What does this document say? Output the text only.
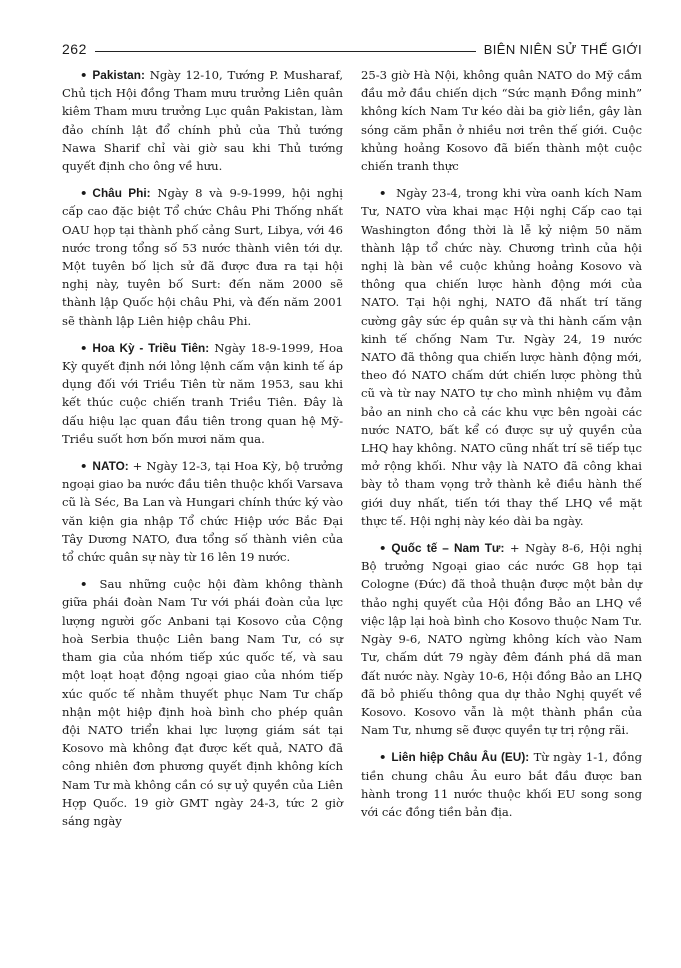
262	BIÊN NIÊN SỬ THẾ GIỚI

• Pakistan: Ngày 12-10, Tướng P. Musharaf, Chủ tịch Hội đồng Tham mưu trưởng Liên quân kiêm Tham mưu trưởng Lục quân Pakistan, làm đảo chính lật đổ chính phủ của Thủ tướng Nawa Sharif chỉ vài giờ sau khi Thủ tướng quyết định cho ông về hưu.

• Châu Phi: Ngày 8 và 9-9-1999, hội nghị cấp cao đặc biệt Tổ chức Châu Phi Thống nhất OAU họp tại thành phố cảng Surt, Libya, với 46 nước trong tổng số 53 nước thành viên tới dự. Một tuyên bố lịch sử đã được đưa ra tại hội nghị này, tuyên bố Surt: đến năm 2000 sẽ thành lập Quốc hội châu Phi, và đến năm 2001 sẽ thành lập Liên hiệp châu Phi.

• Hoa Kỳ - Triều Tiên: Ngày 18-9-1999, Hoa Kỳ quyết định nới lỏng lệnh cấm vận kinh tế áp dụng đối với Triều Tiên từ năm 1953, sau khi kết thúc cuộc chiến tranh Triều Tiên. Đây là dấu hiệu lạc quan đầu tiên trong quan hệ Mỹ-Triều suốt hơn bốn mươi năm qua.

• NATO: + Ngày 12-3, tại Hoa Kỳ, bộ trưởng ngoại giao ba nước đầu tiên thuộc khối Varsava cũ là Séc, Ba Lan và Hungari chính thức ký vào văn kiện gia nhập Tổ chức Hiệp ước Bắc Đại Tây Dương NATO, đưa tổng số thành viên của tổ chức quân sự này từ 16 lên 19 nước.

• Sau những cuộc hội đàm không thành giữa phái đoàn Nam Tư với phái đoàn của lực lượng người gốc Anbani tại Kosovo của Cộng hoà Serbia thuộc Liên bang Nam Tư, có sự tham gia của nhóm tiếp xúc quốc tế, và sau một loạt hoạt động ngoại giao của nhóm tiếp xúc quốc tế nhằm thuyết phục Nam Tư chấp nhận một hiệp định hoà bình cho phép quân đội NATO triển khai lực lượng giám sát tại Kosovo mà không đạt được kết quả, NATO đã công nhiên đơn phương quyết định không kích Nam Tư mà không cần có sự uỷ quyền của Liên Hợp Quốc. 19 giờ GMT ngày 24-3, tức 2 giờ sáng ngày

25-3 giờ Hà Nội, không quân NATO do Mỹ cầm đầu mở đầu chiến dịch “Sức mạnh Đồng minh” không kích Nam Tư kéo dài ba giờ liền, gây làn sóng căm phẫn ở nhiều nơi trên thế giới. Cuộc khủng hoảng Kosovo đã biến thành một cuộc chiến tranh thực

• Ngày 23-4, trong khi vừa oanh kích Nam Tư, NATO vừa khai mạc Hội nghị Cấp cao tại Washington đồng thời là lễ kỷ niệm 50 năm thành lập tổ chức này. Chương trình của hội nghị là bàn về cuộc khủng hoảng Kosovo và thông qua chiến lược hành động mới của NATO. Tại hội nghị, NATO đã nhất trí tăng cường gây sức ép quân sự và thi hành cấm vận kinh tế chống Nam Tư. Ngày 24, 19 nước NATO đã thông qua chiến lược hành động mới, theo đó NATO chấm dứt chiến lược phòng thủ cũ và từ nay NATO tự cho mình nhiệm vụ đảm bảo an ninh cho cả các khu vực bên ngoài các nước NATO, bất kể có được sự uỷ quyền của LHQ hay không. NATO cũng nhất trí sẽ tiếp tục mở rộng khối. Như vậy là NATO đã công khai bày tỏ tham vọng trở thành kẻ điều hành thế giới duy nhất, tiến tới thay thế LHQ về mặt thực tế. Hội nghị này kéo dài ba ngày.

• Quốc tế – Nam Tư: + Ngày 8-6, Hội nghị Bộ trưởng Ngoại giao các nước G8 họp tại Cologne (Đức) đã thoả thuận được một bản dự thảo nghị quyết của Hội đồng Bảo an LHQ về việc lập lại hoà bình cho Kosovo thuộc Nam Tư. Ngày 9-6, NATO ngừng không kích vào Nam Tư, chấm dứt 79 ngày đêm đánh phá dã man đất nước này. Ngày 10-6, Hội đồng Bảo an LHQ đã bỏ phiếu thông qua dự thảo Nghị quyết về Kosovo. Kosovo vẫn là một thành phần của Nam Tư, nhưng sẽ được quyền tự trị rộng rãi.

• Liên hiệp Châu Âu (EU): Từ ngày 1-1, đồng tiền chung châu Âu euro bắt đầu được ban hành trong 11 nước thuộc khối EU song song với các đồng tiền bản địa.
